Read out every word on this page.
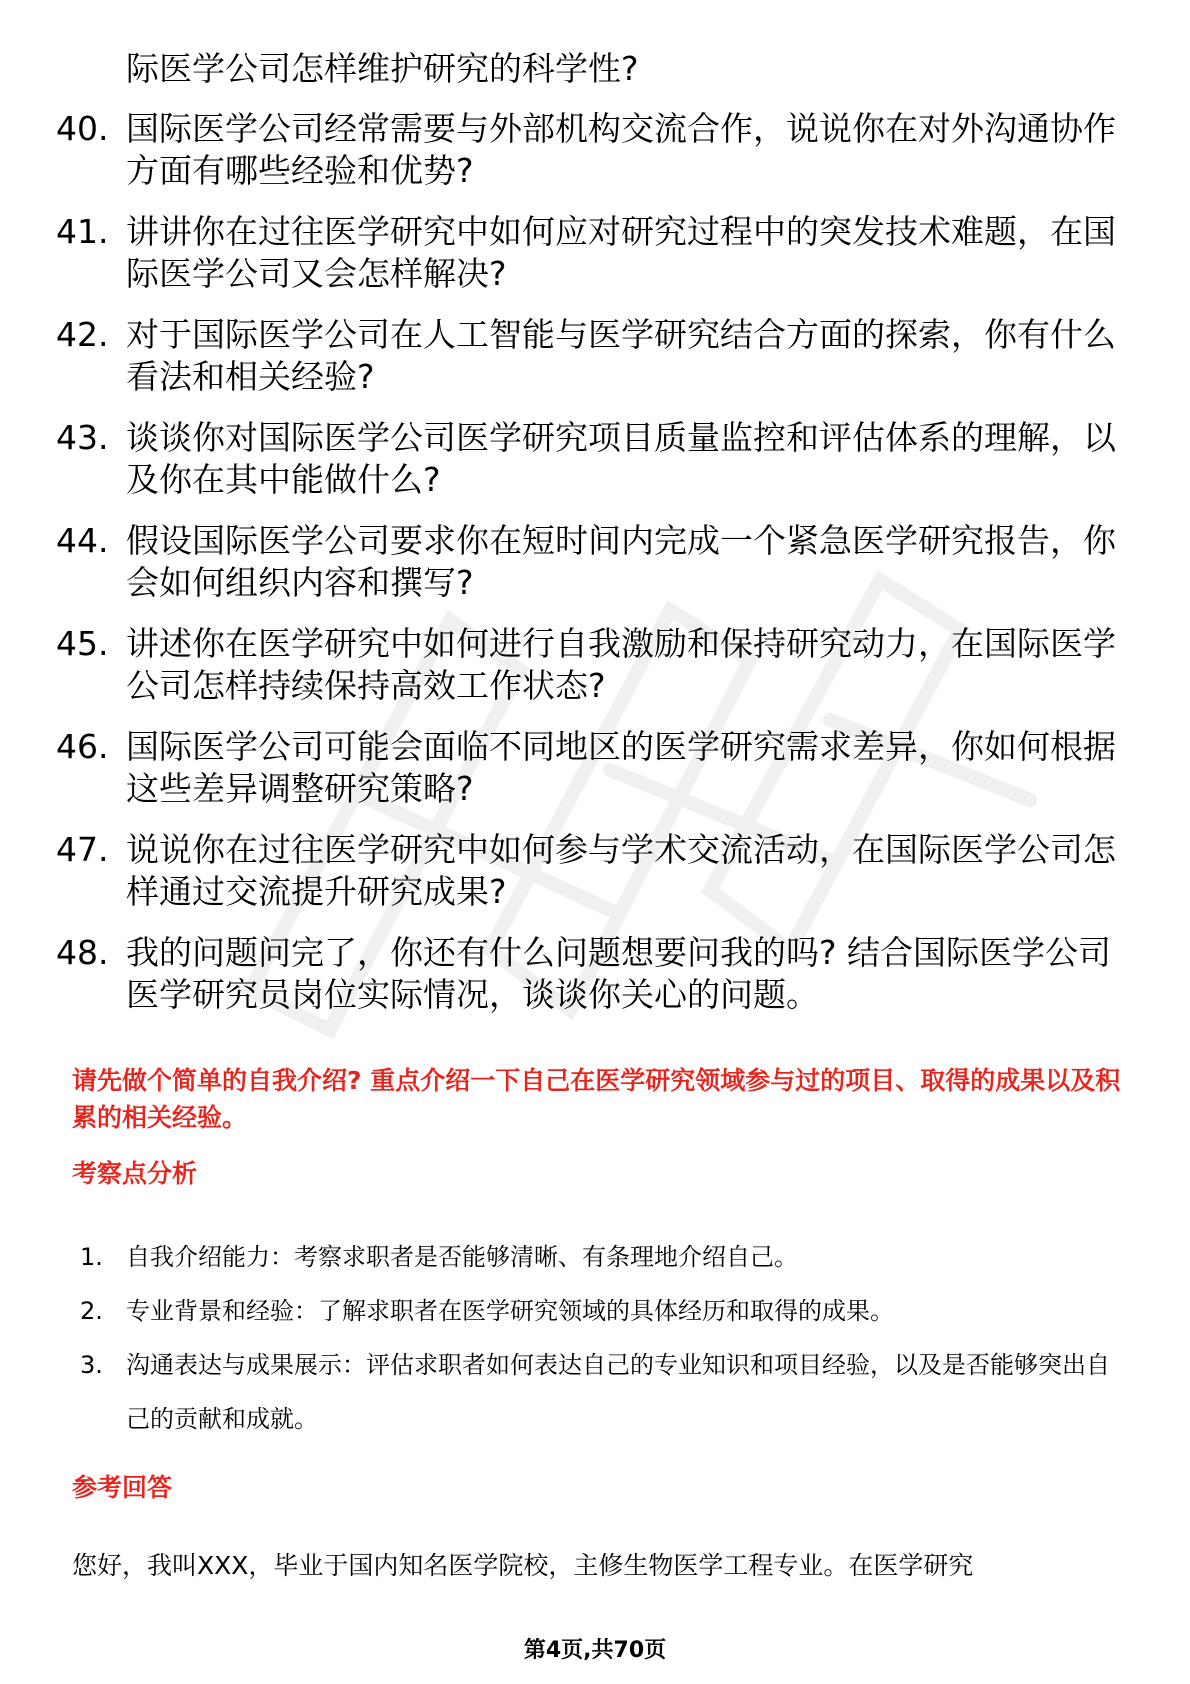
际医学公司怎样维护研究的科学性?
40. 国际医学公司经常需要与外部机构交流合作，说说你在对外沟通协作方面有哪些经验和优势?
41. 讲讲你在过往医学研究中如何应对研究过程中的突发技术难题，在国际医学公司又会怎样解决?
42. 对于国际医学公司在人工智能与医学研究结合方面的探索，你有什么看法和相关经验?
43. 谈谈你对国际医学公司医学研究项目质量监控和评估体系的理解，以及你在其中能做什么?
44. 假设国际医学公司要求你在短时间内完成一个紧急医学研究报告，你会如何组织内容和撰写?
45. 讲述你在医学研究中如何进行自我激励和保持研究动力，在国际医学公司怎样持续保持高效工作状态?
46. 国际医学公司可能会面临不同地区的医学研究需求差异，你如何根据这些差异调整研究策略?
47. 说说你在过往医学研究中如何参与学术交流活动，在国际医学公司怎样通过交流提升研究成果?
48. 我的问题问完了，你还有什么问题想要问我的吗? 结合国际医学公司医学研究员岗位实际情况，谈谈你关心的问题。
请先做个简单的自我介绍? 重点介绍一下自己在医学研究领域参与过的项目、取得的成果以及积累的相关经验。
考察点分析
1. 自我介绍能力：考察求职者是否能够清晰、有条理地介绍自己。
2. 专业背景和经验：了解求职者在医学研究领域的具体经历和取得的成果。
3. 沟通表达与成果展示：评估求职者如何表达自己的专业知识和项目经验，以及是否能够突出自己的贡献和成就。
参考回答
您好，我叫XXX，毕业于国内知名医学院校，主修生物医学工程专业。在医学研究
第4页,共70页
